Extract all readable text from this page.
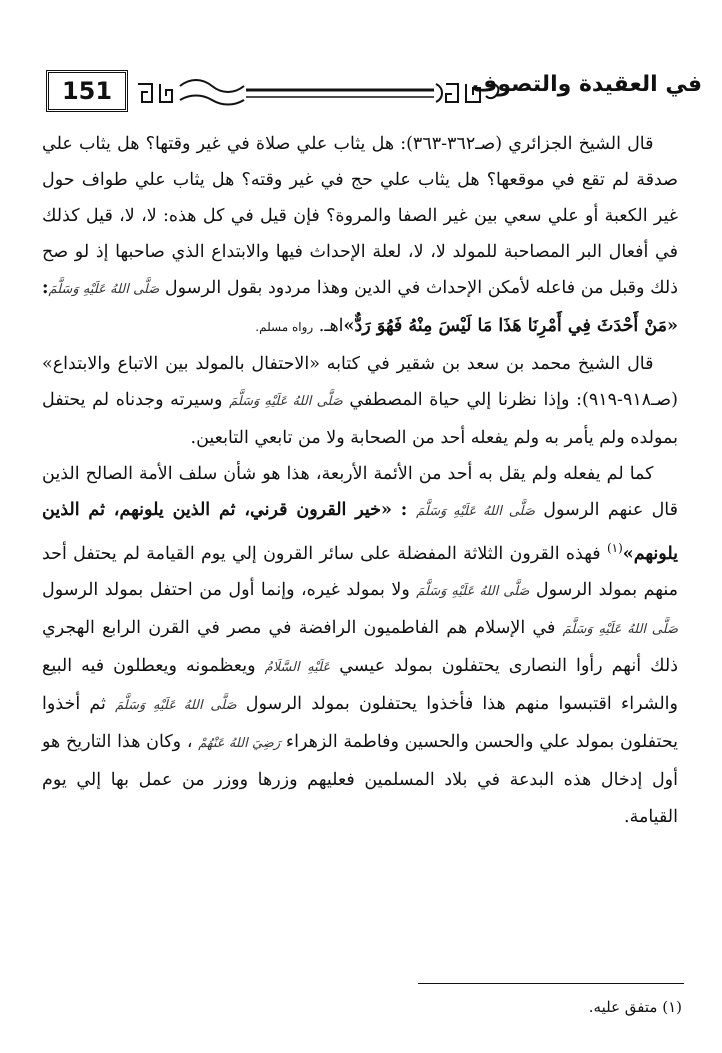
151	في العقيدة والتصوف

قال الشيخ الجزائري (صـ٣٦٢-٣٦٣): هل يثاب علي صلاة في غير وقتها؟ هل يثاب علي صدقة لم تقع في موقعها؟ هل يثاب علي حج في غير وقته؟ هل يثاب علي طواف حول غير الكعبة أو علي سعي بين غير الصفا والمروة؟ فإن قيل في كل هذه: لا، لا، قيل كذلك في أفعال البر المصاحبة للمولد لا، لا، لعلة الإحداث فيها والابتداع الذي صاحبها إذ لو صح ذلك وقبل من فاعله لأمكن الإحداث في الدين وهذا مردود بقول الرسول صَلَّى اللهُ عَلَيْهِ وَسَلَّمَ: «مَنْ أَحْدَثَ فِي أَمْرِنَا هَذَا مَا لَيْسَ مِنْهُ فَهُوَ رَدٌّ»اهـ. رواه مسلم.

قال الشيخ محمد بن سعد بن شقير في كتابه «الاحتفال بالمولد بين الاتباع والابتداع» (صـ٩١٨-٩١٩): وإذا نظرنا إلي حياة المصطفي صَلَّى اللهُ عَلَيْهِ وَسَلَّمَ وسيرته وجدناه لم يحتفل بمولده ولم يأمر به ولم يفعله أحد من الصحابة ولا من تابعي التابعين.

كما لم يفعله ولم يقل به أحد من الأئمة الأربعة، هذا هو شأن سلف الأمة الصالح الذين قال عنهم الرسول صَلَّى اللهُ عَلَيْهِ وَسَلَّمَ : «خير القرون قرني، ثم الذين يلونهم، ثم الذين يلونهم»$^{(١)}$ فهذه القرون الثلاثة المفضلة على سائر القرون إلي يوم القيامة لم يحتفل أحد منهم بمولد الرسول صَلَّى اللهُ عَلَيْهِ وَسَلَّمَ ولا بمولد غيره، وإنما أول من احتفل بمولد الرسول صَلَّى اللهُ عَلَيْهِ وَسَلَّمَ في الإسلام هم الفاطميون الرافضة في مصر في القرن الرابع الهجري ذلك أنهم رأوا النصارى يحتفلون بمولد عيسي عَلَيْهِ السَّلَامُ ويعظمونه ويعطلون فيه البيع والشراء اقتبسوا منهم هذا فأخذوا يحتفلون بمولد الرسول صَلَّى اللهُ عَلَيْهِ وَسَلَّمَ ثم أخذوا يحتفلون بمولد علي والحسن والحسين وفاطمة الزهراء رَضِيَ اللهُ عَنْهُمْ ، وكان هذا التاريخ هو أول إدخال هذه البدعة في بلاد المسلمين فعليهم وزرها ووزر من عمل بها إلي يوم القيامة.

(١) متفق عليه.
